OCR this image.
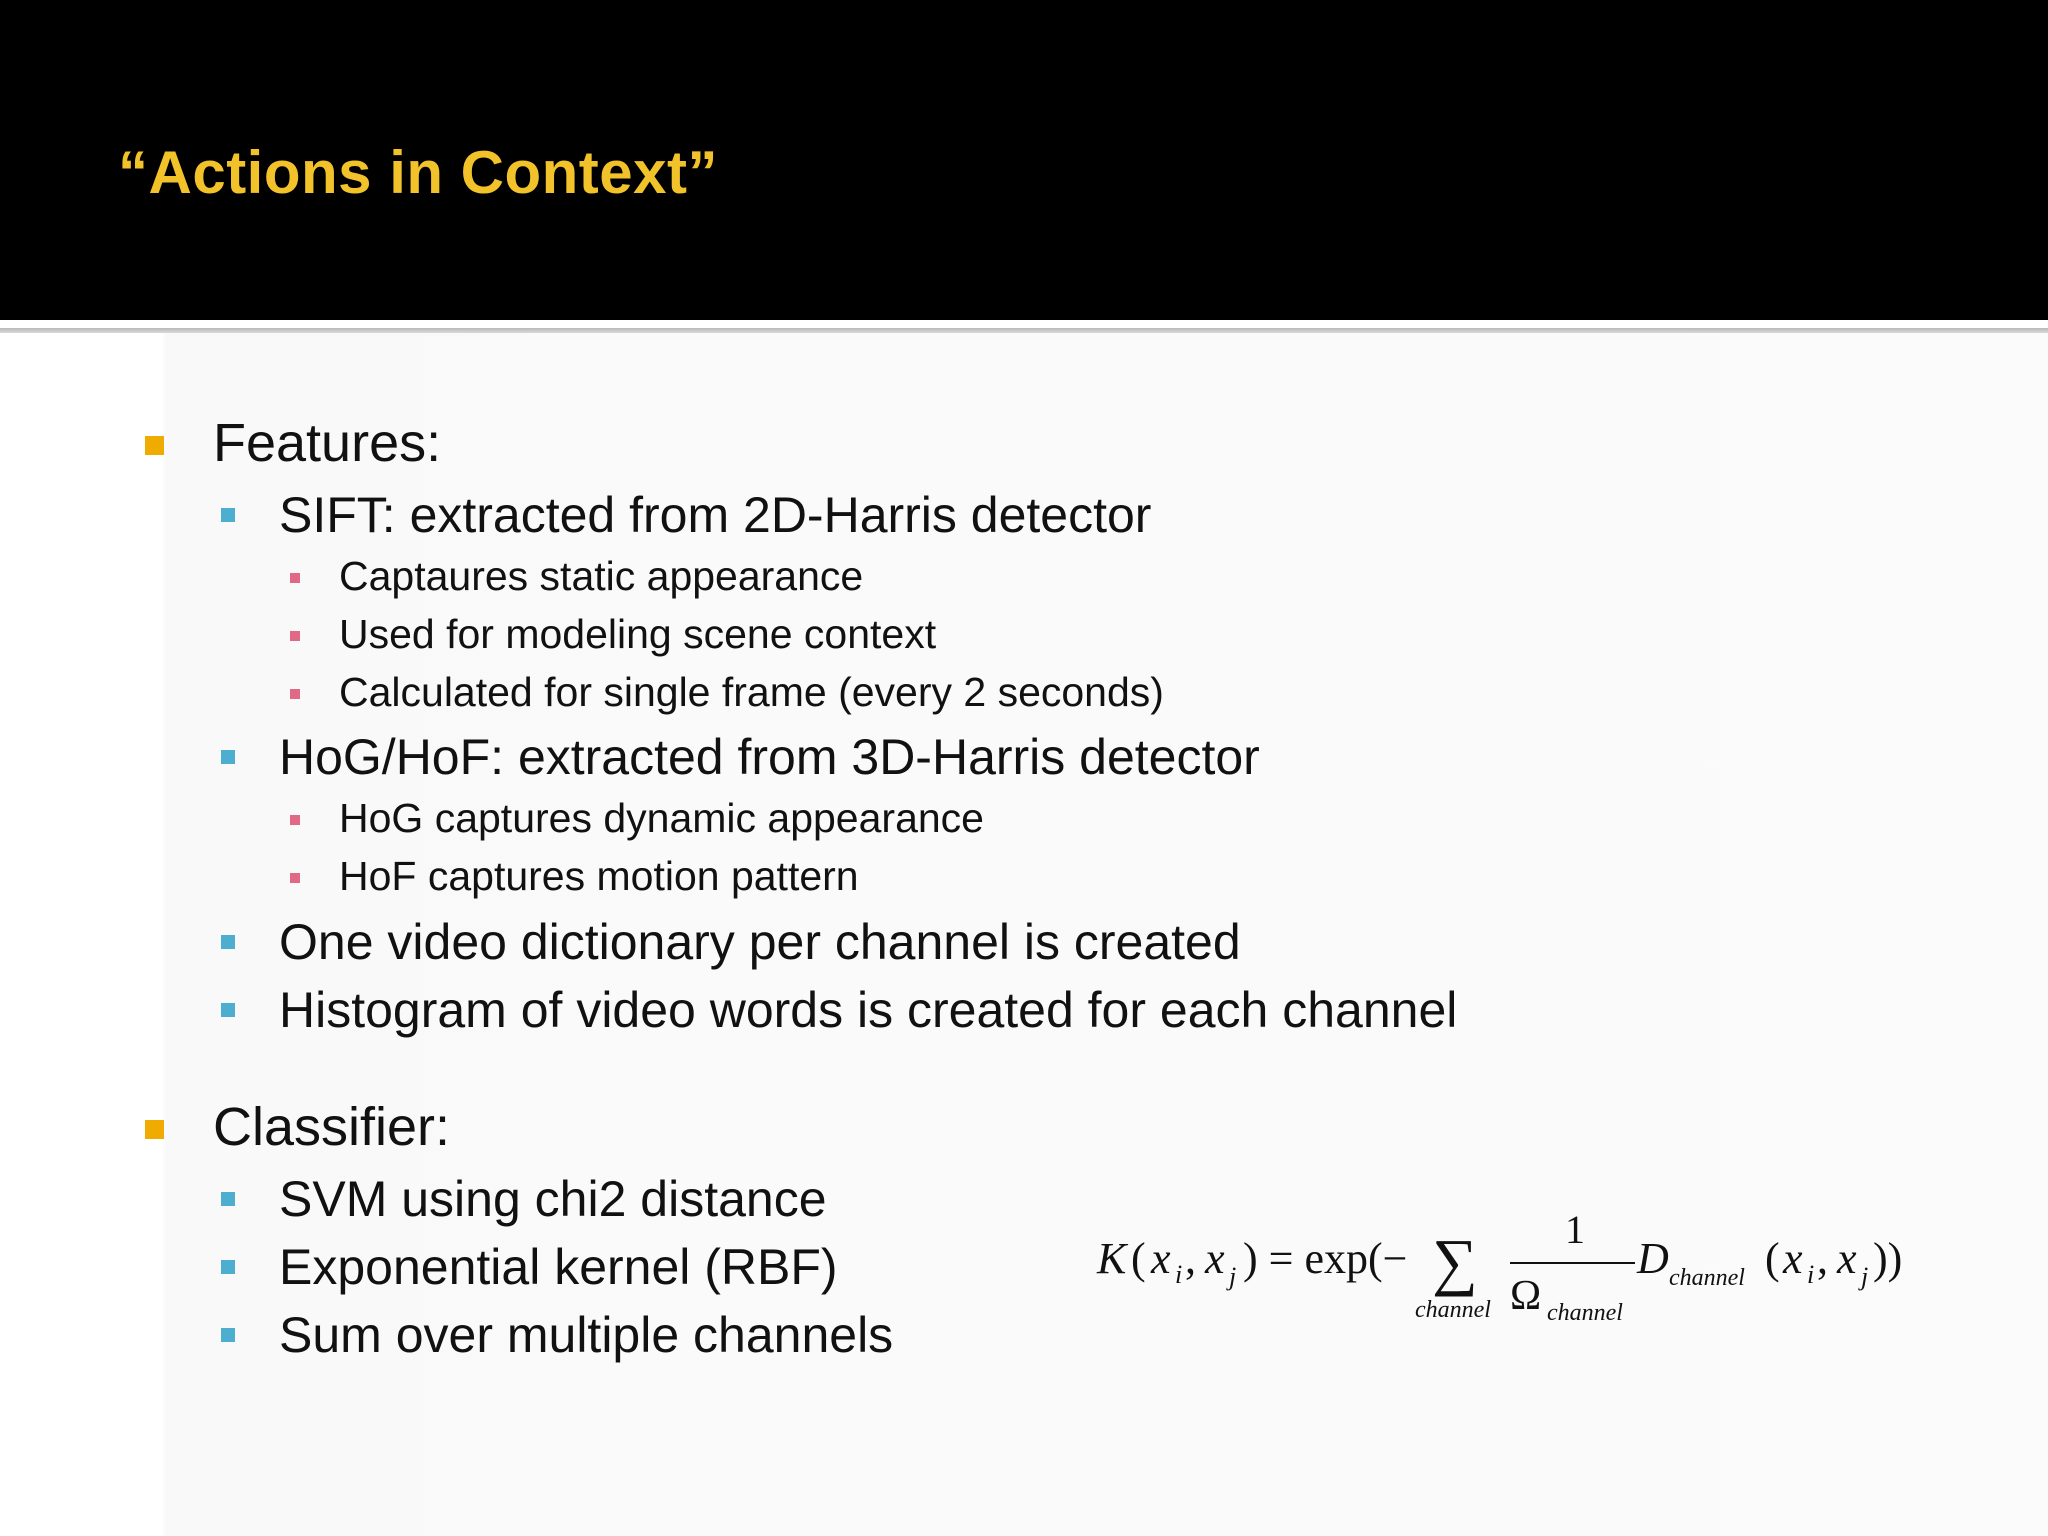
“Actions in Context”
Features:
SIFT: extracted from 2D-Harris detector
Captaures static appearance
Used for modeling scene context
Calculated for single frame (every 2 seconds)
HoG/HoF: extracted from 3D-Harris detector
HoG captures dynamic appearance
HoF captures motion pattern
One video dictionary per channel is created
Histogram of video words is created for each channel
Classifier:
SVM using chi2 distance
Exponential kernel (RBF)
Sum over multiple channels
K ( x i , x j ) = exp(− ∑
channel
1
Ω channel
D channel ( x i , x j ))
